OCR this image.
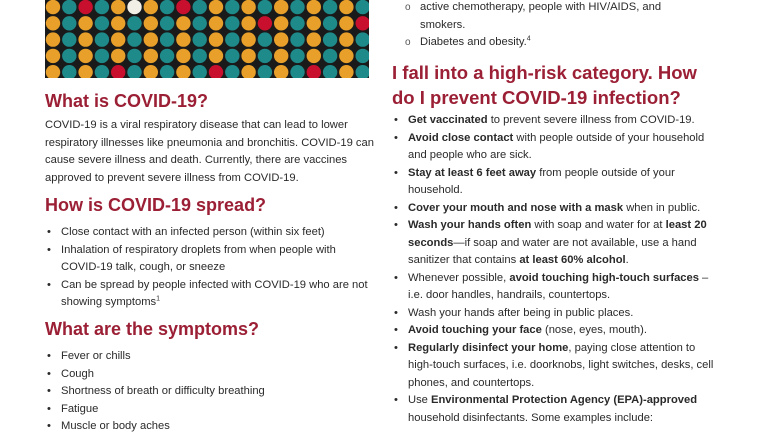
What is COVID-19?

COVID-19 is a viral respiratory disease that can lead to lower respiratory illnesses like pneumonia and bronchitis. COVID-19 can cause severe illness and death. Currently, there are vaccines approved to prevent severe illness from COVID-19.

How is COVID-19 spread?
• Close contact with an infected person (within six feet)
• Inhalation of respiratory droplets from when people with COVID-19 talk, cough, or sneeze
• Can be spread by people infected with COVID-19 who are not showing symptoms$^1$
What are the symptoms?
• Fever or chills
• Cough
• Shortness of breath or difficulty breathing
• Fatigue
• Muscle or body aches
o active chemotherapy, people with HIV/AIDS, and smokers.
o Diabetes and obesity.$^4$
I fall into a high-risk category. How do I prevent COVID-19 infection?
• Get vaccinated to prevent severe illness from COVID-19.
• Avoid close contact with people outside of your household and people who are sick.
• Stay at least 6 feet away from people outside of your household.
• Cover your mouth and nose with a mask when in public.
• Wash your hands often with soap and water for at least 20 seconds—if soap and water are not available, use a hand sanitizer that contains at least 60% alcohol.
• Whenever possible, avoid touching high-touch surfaces – i.e. door handles, handrails, countertops.
• Wash your hands after being in public places.
• Avoid touching your face (nose, eyes, mouth).
• Regularly disinfect your home, paying close attention to high-touch surfaces, i.e. doorknobs, light switches, desks, cell phones, and countertops.
• Use Environmental Protection Agency (EPA)-approved household disinfectants. Some examples include:
